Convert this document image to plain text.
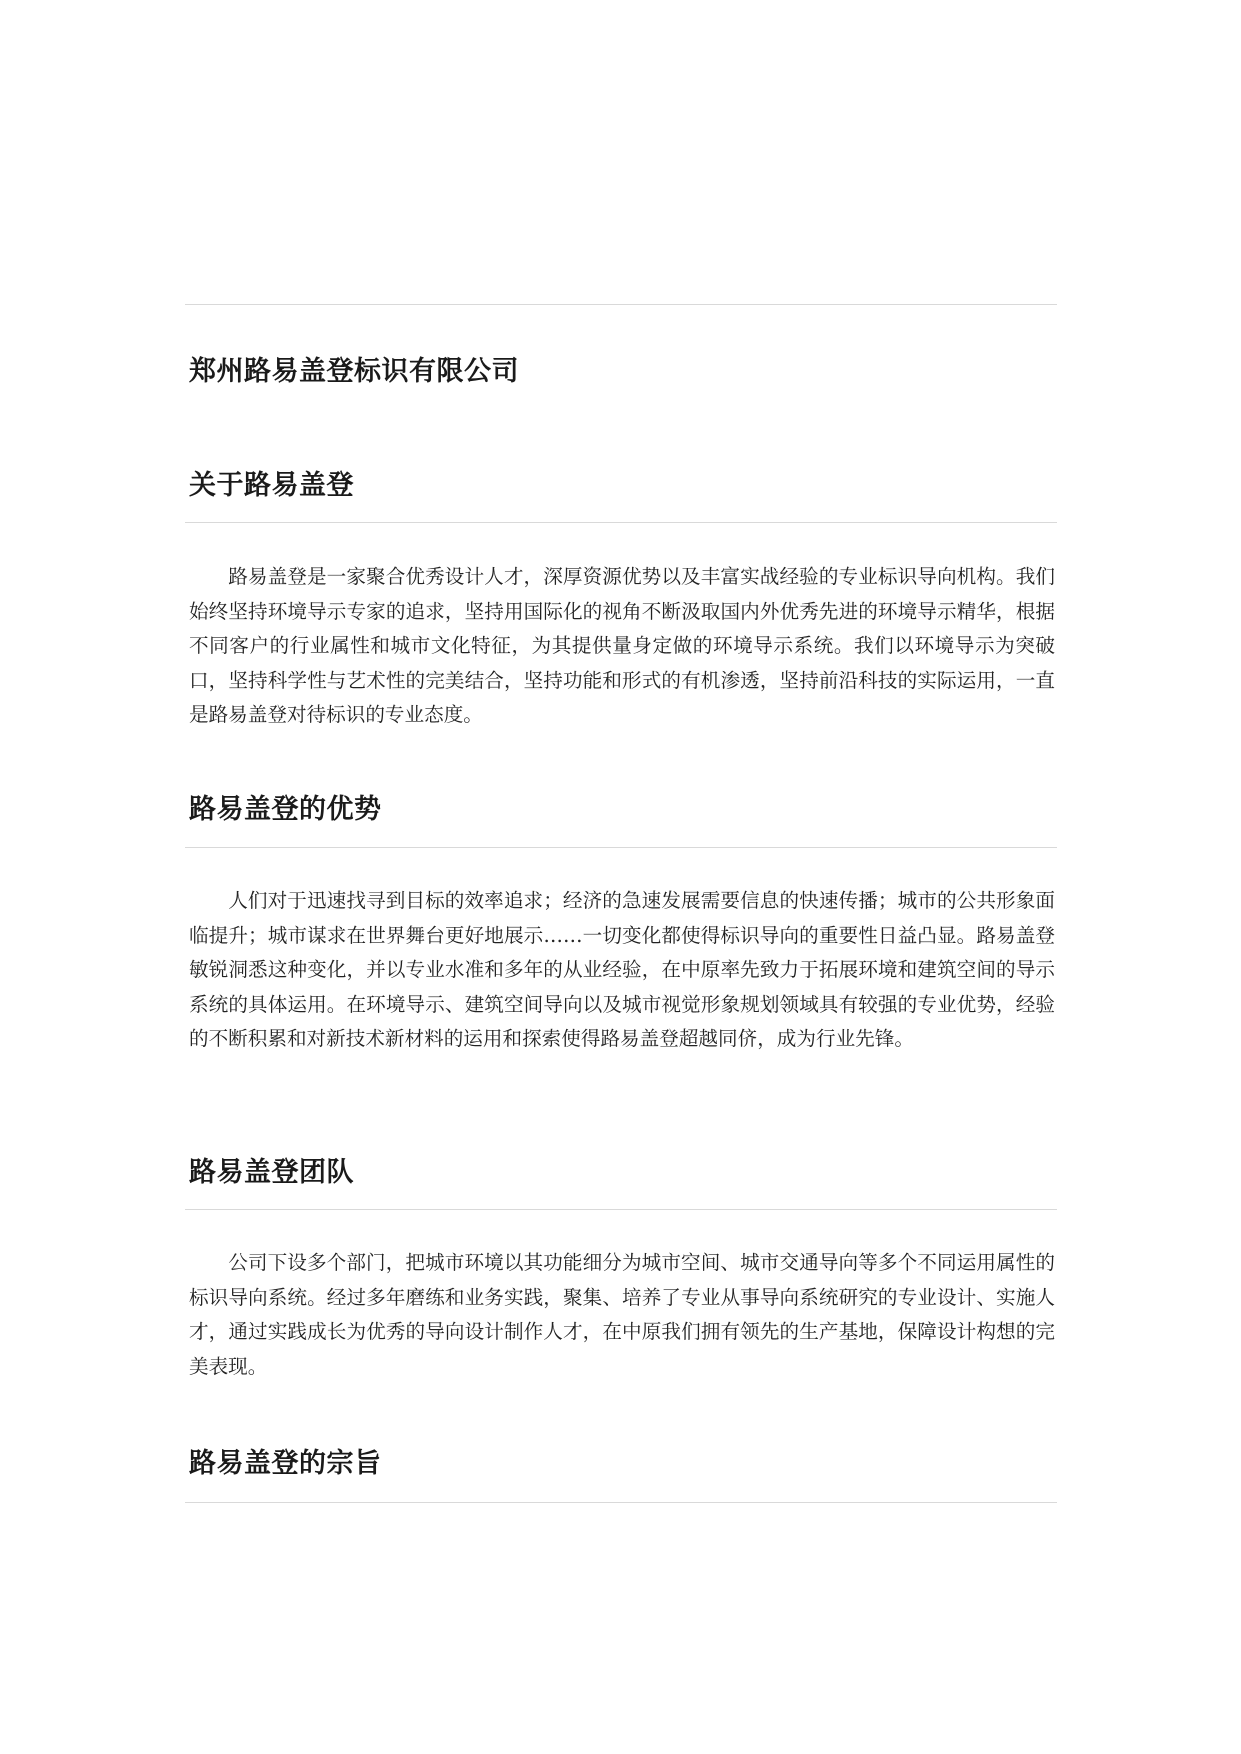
郑州路易盖登标识有限公司
关于路易盖登

路易盖登是一家聚合优秀设计人才，深厚资源优势以及丰富实战经验的专业标识导向机构。我们始终坚持环境导示专家的追求，坚持用国际化的视角不断汲取国内外优秀先进的环境导示精华，根据不同客户的行业属性和城市文化特征，为其提供量身定做的环境导示系统。我们以环境导示为突破口，坚持科学性与艺术性的完美结合，坚持功能和形式的有机渗透，坚持前沿科技的实际运用，一直是路易盖登对待标识的专业态度。

路易盖登的优势

人们对于迅速找寻到目标的效率追求；经济的急速发展需要信息的快速传播；城市的公共形象面临提升；城市谋求在世界舞台更好地展示……一切变化都使得标识导向的重要性日益凸显。路易盖登敏锐洞悉这种变化，并以专业水准和多年的从业经验，在中原率先致力于拓展环境和建筑空间的导示系统的具体运用。在环境导示、建筑空间导向以及城市视觉形象规划领域具有较强的专业优势，经验的不断积累和对新技术新材料的运用和探索使得路易盖登超越同侪，成为行业先锋。

路易盖登团队

公司下设多个部门，把城市环境以其功能细分为城市空间、城市交通导向等多个不同运用属性的标识导向系统。经过多年磨练和业务实践，聚集、培养了专业从事导向系统研究的专业设计、实施人才，通过实践成长为优秀的导向设计制作人才，在中原我们拥有领先的生产基地，保障设计构想的完美表现。

路易盖登的宗旨
